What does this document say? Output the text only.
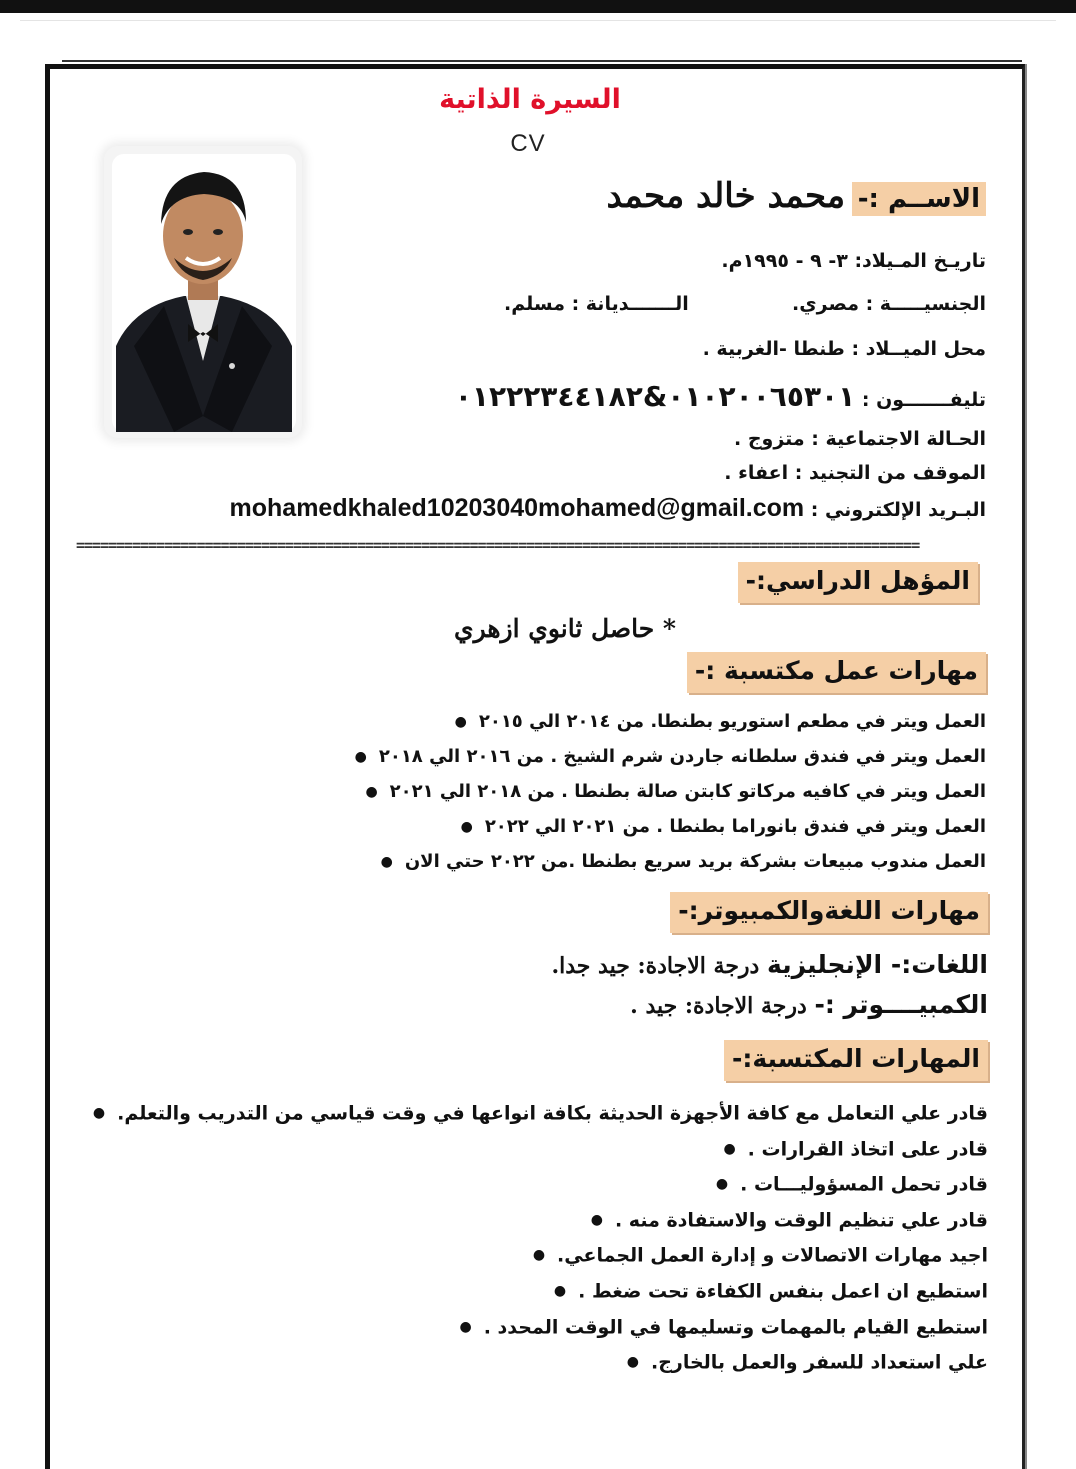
السيرة الذاتية
CV
الاســم :- محمد خالد محمد
تاريـخ المـيلاد: ٣- ٩ - ١٩٩٥م.
الجنسيـــــة : مصري.  الـــــــديانة : مسلم.
محل الميــلاد : طنطا -الغربية .
تليفـــــــون : ٠١٠٢٠٠٦٥٣٠١&٠١٢٢٢٣٤٤١٨٢
الحـالة الاجتماعية : متزوج .
الموقف من التجنيد : اعفاء .
البـريد الإلكتروني : mohamedkhaled10203040mohamed@gmail.com
=========================================================================================================
المؤهل الدراسي:-
* حاصل ثانوي ازهري
مهارات عمل مكتسبة :-
العمل ويتر في مطعم استوريو بطنطا. من ٢٠١٤ الي ٢٠١٥ ●
العمل ويتر في فندق سلطانه جاردن شرم الشيخ . من ٢٠١٦ الي ٢٠١٨ ●
العمل ويتر في كافيه مركاتو كابتن صالة بطنطا . من ٢٠١٨ الي ٢٠٢١ ●
العمل ويتر في فندق بانوراما بطنطا . من ٢٠٢١ الي ٢٠٢٢ ●
العمل مندوب مبيعات بشركة بريد سريع بطنطا .من ٢٠٢٢ حتي الان ●
مهارات اللغةوالكمبيوتر:-
اللغات:- الإنجليزية درجة الاجادة: جيد جدا.
الكمبيــــوتر :- درجة الاجادة: جيد .
المهارات المكتسبة:-
قادر علي التعامل مع كافة الأجهزة الحديثة بكافة انواعها في وقت قياسي من التدريب والتعلم. ●
قادر على اتخاذ القرارات . ●
قادر تحمل المسؤوليـــات . ●
قادر علي تنظيم الوقت والاستفادة منه . ●
اجيد مهارات الاتصالات و إدارة العمل الجماعي. ●
استطيع ان اعمل بنفس الكفاءة تحت ضغط . ●
استطيع القيام بالمهمات وتسليمها في الوقت المحدد . ●
علي استعداد للسفر والعمل بالخارج. ●
